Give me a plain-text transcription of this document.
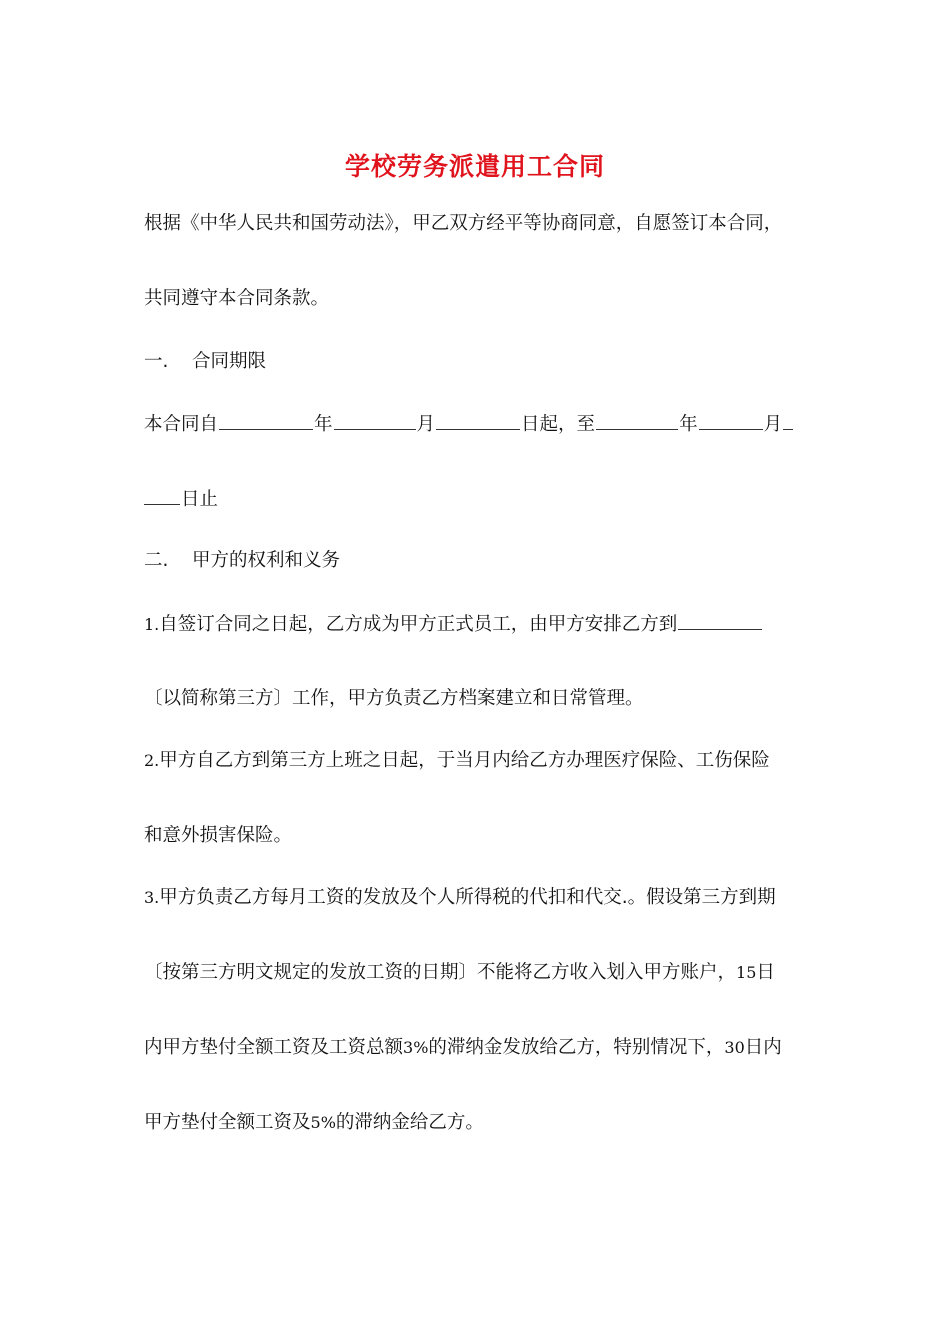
学校劳务派遣用工合同
根据《中华人民共和国劳动法》，甲乙双方经平等协商同意，自愿签订本合同，
共同遵守本合同条款。
一. 合同期限
本合同自	年	月	日起，至	年	月
日止
二. 甲方的权利和义务
1.自签订合同之日起，乙方成为甲方正式员工，由甲方安排乙方到
〔以简称第三方〕工作，甲方负责乙方档案建立和日常管理。
2.甲方自乙方到第三方上班之日起，于当月内给乙方办理医疗保险、工伤保险
和意外损害保险。
3.甲方负责乙方每月工资的发放及个人所得税的代扣和代交.。假设第三方到期
〔按第三方明文规定的发放工资的日期〕不能将乙方收入划入甲方账户，15日
内甲方垫付全额工资及工资总额3%的滞纳金发放给乙方，特别情况下，30日内
甲方垫付全额工资及5%的滞纳金给乙方。
